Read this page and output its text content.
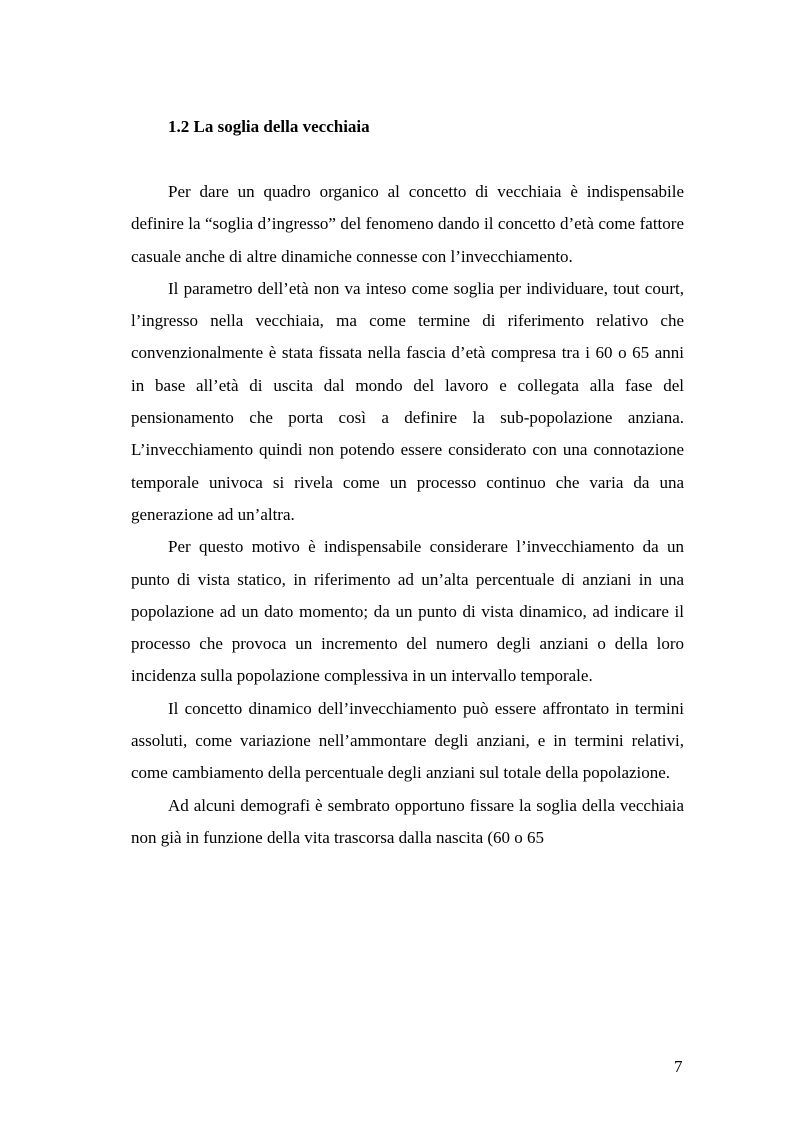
1.2 La soglia della vecchiaia

Per dare un quadro organico al concetto di vecchiaia è indispensabile definire la “soglia d’ingresso” del fenomeno dando il concetto d’età come fattore casuale anche di altre dinamiche connesse con l’invecchiamento.

Il parametro dell’età non va inteso come soglia per individuare, tout court, l’ingresso nella vecchiaia, ma come termine di riferimento relativo che convenzionalmente è stata fissata nella fascia d’età compresa tra i 60 o 65 anni in base all’età di uscita dal mondo del lavoro e collegata alla fase del pensionamento che porta così a definire la sub-popolazione anziana. L’invecchiamento quindi non potendo essere considerato con una connotazione temporale univoca si rivela come un processo continuo che varia da una generazione ad un’altra.

Per questo motivo è indispensabile considerare l’invecchiamento da un punto di vista statico, in riferimento ad un’alta percentuale di anziani in una popolazione ad un dato momento; da un punto di vista dinamico, ad indicare il processo che provoca un incremento del numero degli anziani o della loro incidenza sulla popolazione complessiva in un intervallo temporale.

Il concetto dinamico dell’invecchiamento può essere affrontato in termini assoluti, come variazione nell’ammontare degli anziani, e in termini relativi, come cambiamento della percentuale degli anziani sul totale della popolazione.

Ad alcuni demografi è sembrato opportuno fissare la soglia della vecchiaia non già in funzione della vita trascorsa dalla nascita (60 o 65

7
